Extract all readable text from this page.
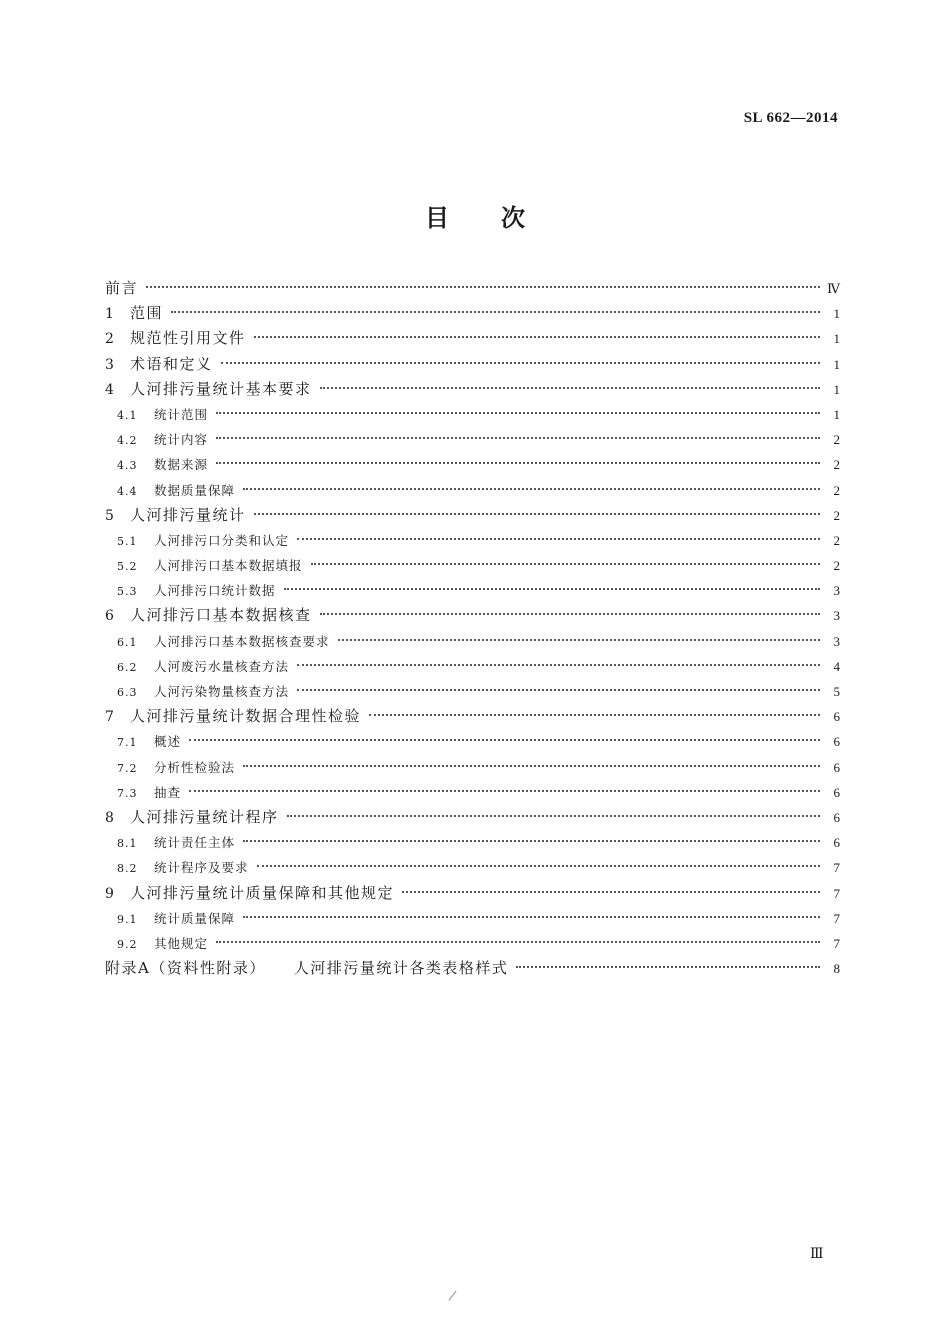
SL 662—2014
目 次
前言	Ⅳ
1	范围	1
2	规范性引用文件	1
3	术语和定义	1
4	人河排污量统计基本要求	1
4.1	统计范围	1
4.2	统计内容	2
4.3	数据来源	2
4.4	数据质量保障	2
5	人河排污量统计	2
5.1	人河排污口分类和认定	2
5.2	人河排污口基本数据填报	2
5.3	人河排污口统计数据	3
6	人河排污口基本数据核查	3
6.1	人河排污口基本数据核查要求	3
6.2	人河废污水量核查方法	4
6.3	人河污染物量核查方法	5
7	人河排污量统计数据合理性检验	6
7.1	概述	6
7.2	分析性检验法	6
7.3	抽查	6
8	人河排污量统计程序	6
8.1	统计责任主体	6
8.2	统计程序及要求	7
9	人河排污量统计质量保障和其他规定	7
9.1	统计质量保障	7
9.2	其他规定	7
附录A（资料性附录）	人河排污量统计各类表格样式	8
Ⅲ
/
